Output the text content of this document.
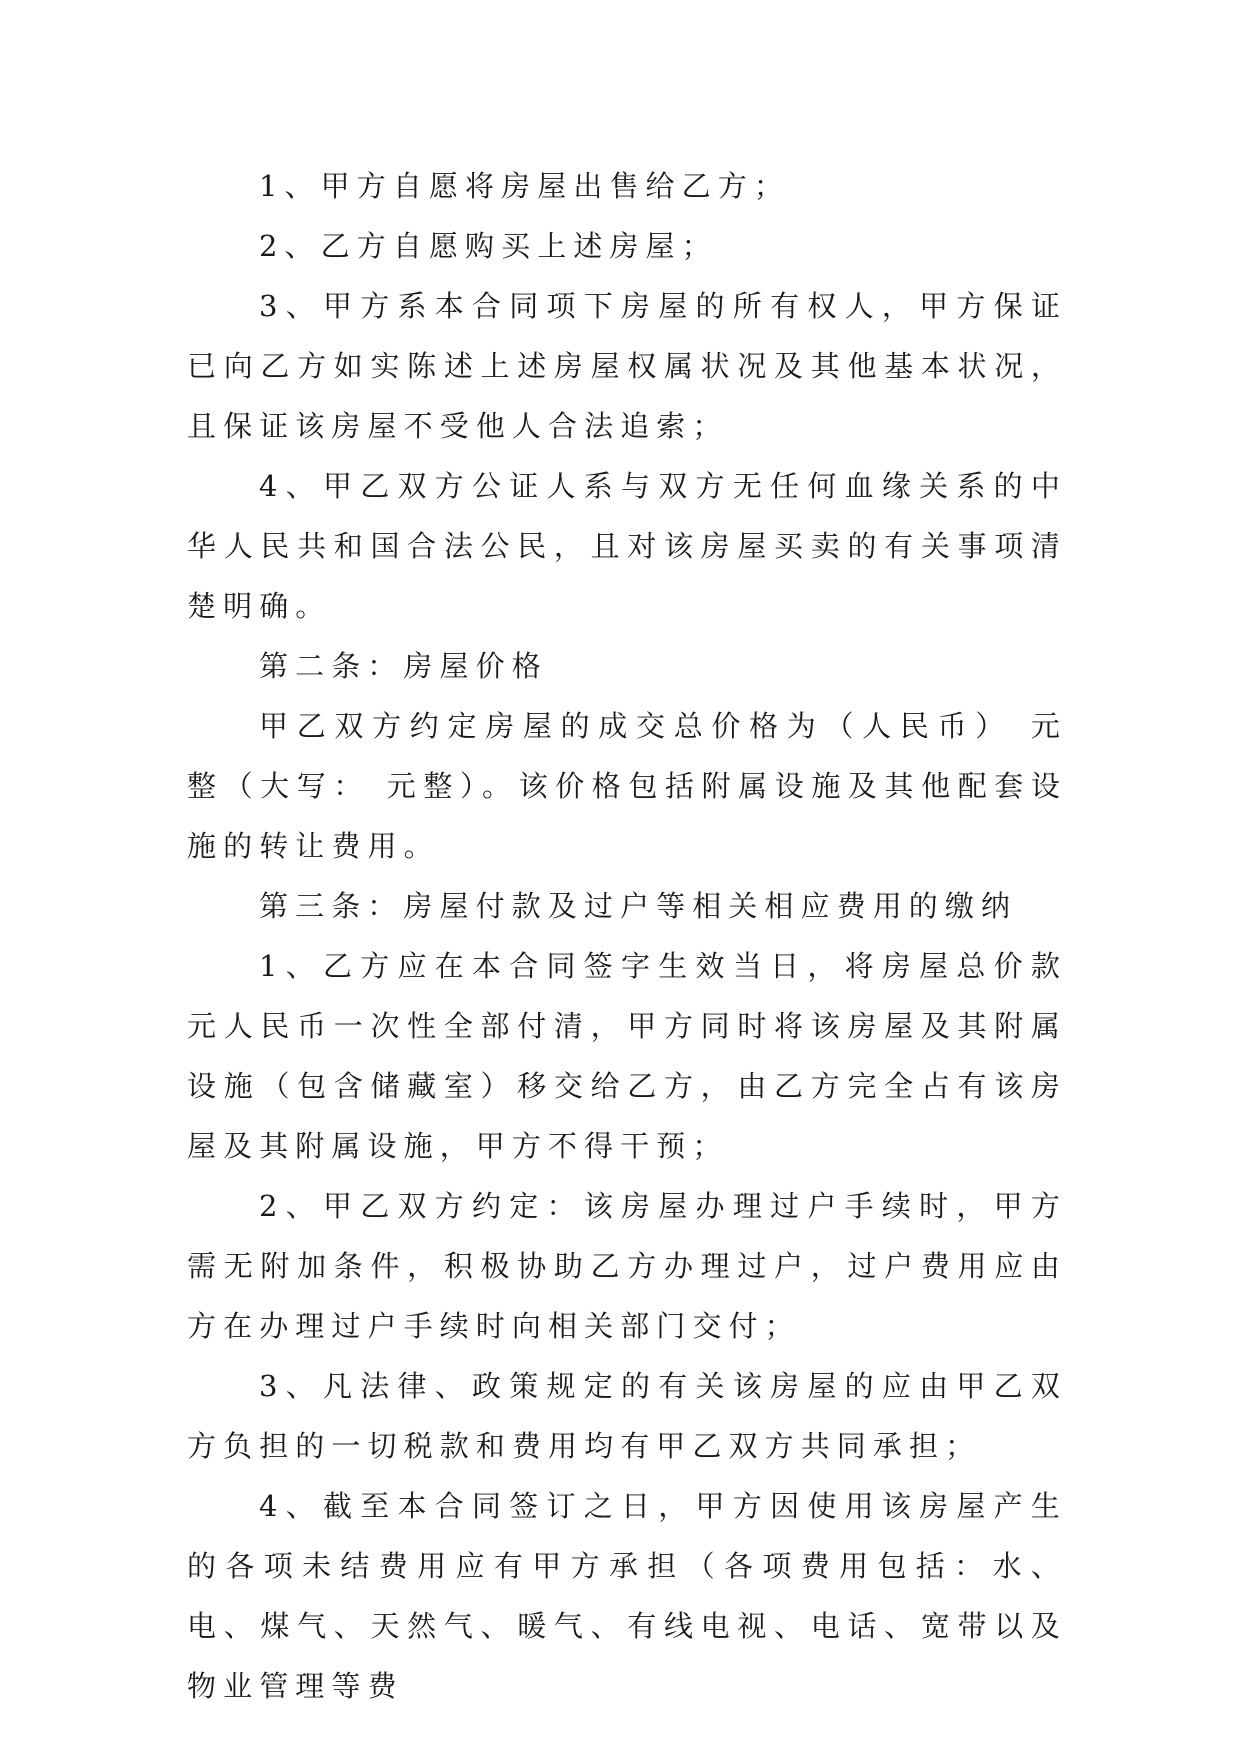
1、甲方自愿将房屋出售给乙方；

2、乙方自愿购买上述房屋；

3、甲方系本合同项下房屋的所有权人，甲方保证已向乙方如实陈述上述房屋权属状况及其他基本状况，且保证该房屋不受他人合法追索；

4、甲乙双方公证人系与双方无任何血缘关系的中华人民共和国合法公民，且对该房屋买卖的有关事项清楚明确。

第二条：房屋价格

甲乙双方约定房屋的成交总价格为（人民币） 元整（大写： 元整）。该价格包括附属设施及其他配套设施的转让费用。

第三条：房屋付款及过户等相关相应费用的缴纳

1、乙方应在本合同签字生效当日，将房屋总价款 元人民币一次性全部付清，甲方同时将该房屋及其附属设施（包含储藏室）移交给乙方，由乙方完全占有该房屋及其附属设施，甲方不得干预；

2、甲乙双方约定：该房屋办理过户手续时，甲方需无附加条件，积极协助乙方办理过户，过户费用应由 方在办理过户手续时向相关部门交付；

3、凡法律、政策规定的有关该房屋的应由甲乙双方负担的一切税款和费用均有甲乙双方共同承担；

4、截至本合同签订之日，甲方因使用该房屋产生的各项未结费用应有甲方承担（各项费用包括：水、电、煤气、天然气、暖气、有线电视、电话、宽带以及物业管理等费
